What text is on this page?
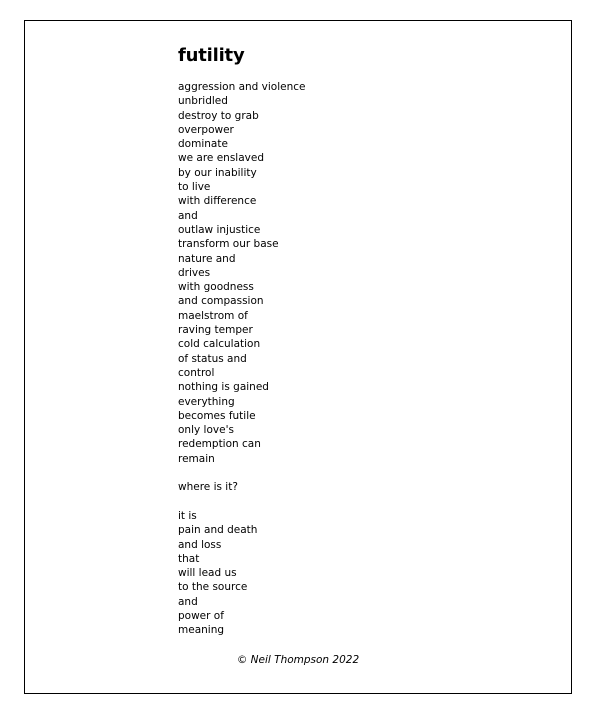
futility
aggression and violence
unbridled
destroy to grab
overpower
dominate
we are enslaved
by our inability
to live
with difference
and
outlaw injustice
transform our base
nature and
drives
with goodness
and compassion
maelstrom of
raving temper
cold calculation
of status and
control
nothing is gained
everything
becomes futile
only love's
redemption can
remain
where is it?
it is
pain and death
and loss
that
will lead us
to the source
and
power of
meaning
© Neil Thompson 2022
